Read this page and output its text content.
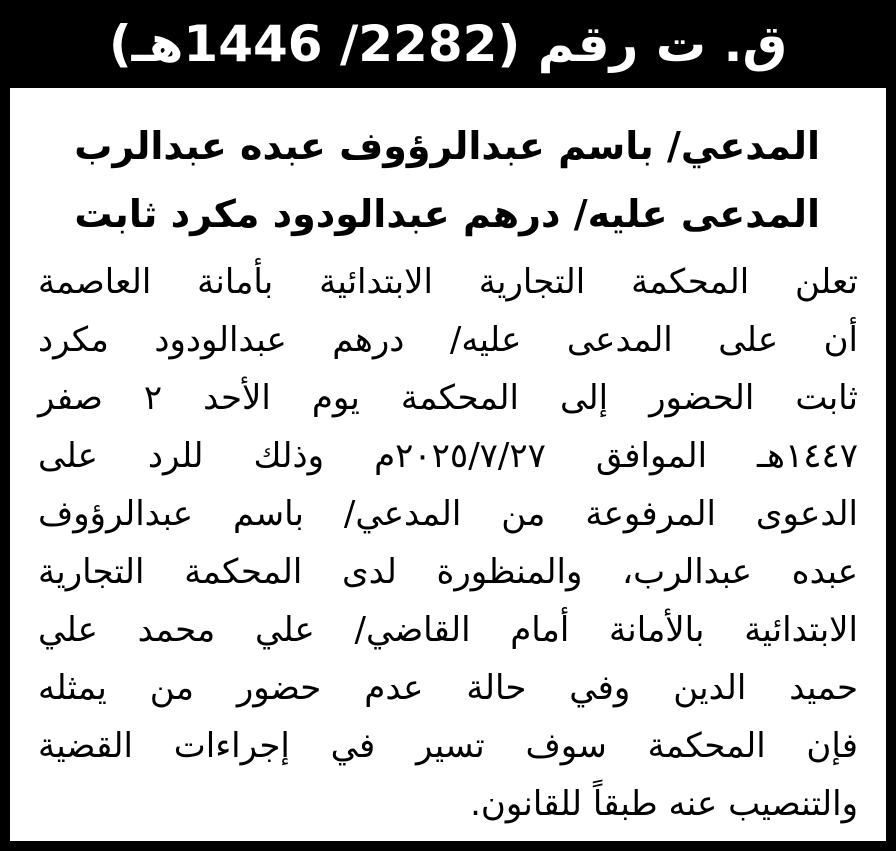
ق. ت رقم (2282/ 1446هـ)
المدعي/ باسم عبدالرؤوف عبده عبدالرب
المدعى عليه/ درهم عبدالودود مكرد ثابت
تعلن المحكمة التجارية الابتدائية بأمانة العاصمة
أن على المدعى عليه/ درهم عبدالودود مكرد
ثابت الحضور إلى المحكمة يوم الأحد ٢ صفر
١٤٤٧هـ الموافق ٢٠٢٥/٧/٢٧م وذلك للرد على
الدعوى المرفوعة من المدعي/ باسم عبدالرؤوف
عبده عبدالرب، والمنظورة لدى المحكمة التجارية
الابتدائية بالأمانة أمام القاضي/ علي محمد علي
حميد الدين وفي حالة عدم حضور من يمثله
فإن المحكمة سوف تسير في إجراءات القضية
والتنصيب عنه طبقاً للقانون.
